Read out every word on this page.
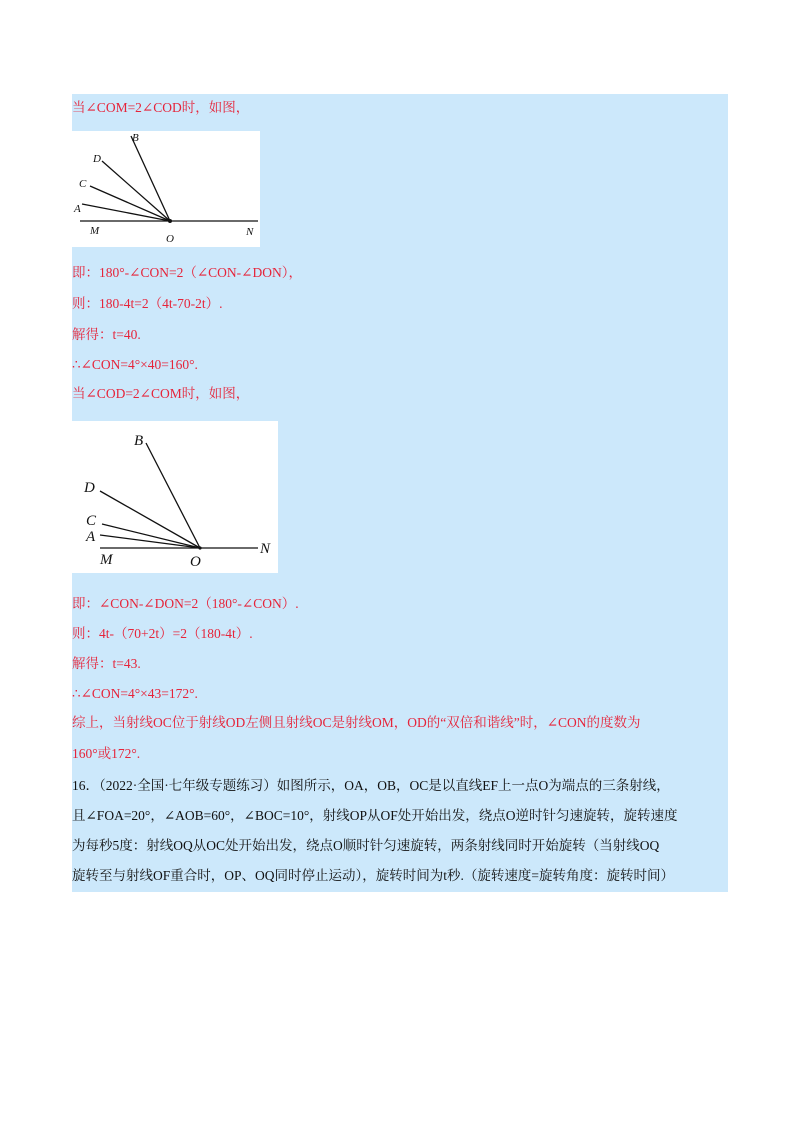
当∠COM=2∠COD时，如图，
B
D
C
A
M
O
N
即：180°-∠CON=2（∠CON-∠DON），
则：180-4t=2（4t-70-2t）.
解得：t=40.
∴∠CON=4°×40=160°.
当∠COD=2∠COM时，如图，
B
D
C
A
M	O
N
即：∠CON-∠DON=2（180°-∠CON）.
则：4t-（70+2t）=2（180-4t）.
解得：t=43.
∴∠CON=4°×43=172°.
综上，当射线OC位于射线OD左侧且射线OC是射线OM，OD的“双倍和谐线”时，∠CON的度数为
160°或172°.
16．（2022·全国·七年级专题练习）如图所示，OA，OB，OC是以直线EF上一点O为端点的三条射线，
且∠FOA=20°，∠AOB=60°，∠BOC=10°，射线OP从OF处开始出发，绕点O逆时针匀速旋转，旋转速度
为每秒5度：射线OQ从OC处开始出发，绕点O顺时针匀速旋转，两条射线同时开始旋转（当射线OQ
旋转至与射线OF重合时，OP、OQ同时停止运动），旋转时间为t秒.（旋转速度=旋转角度：旋转时间）
